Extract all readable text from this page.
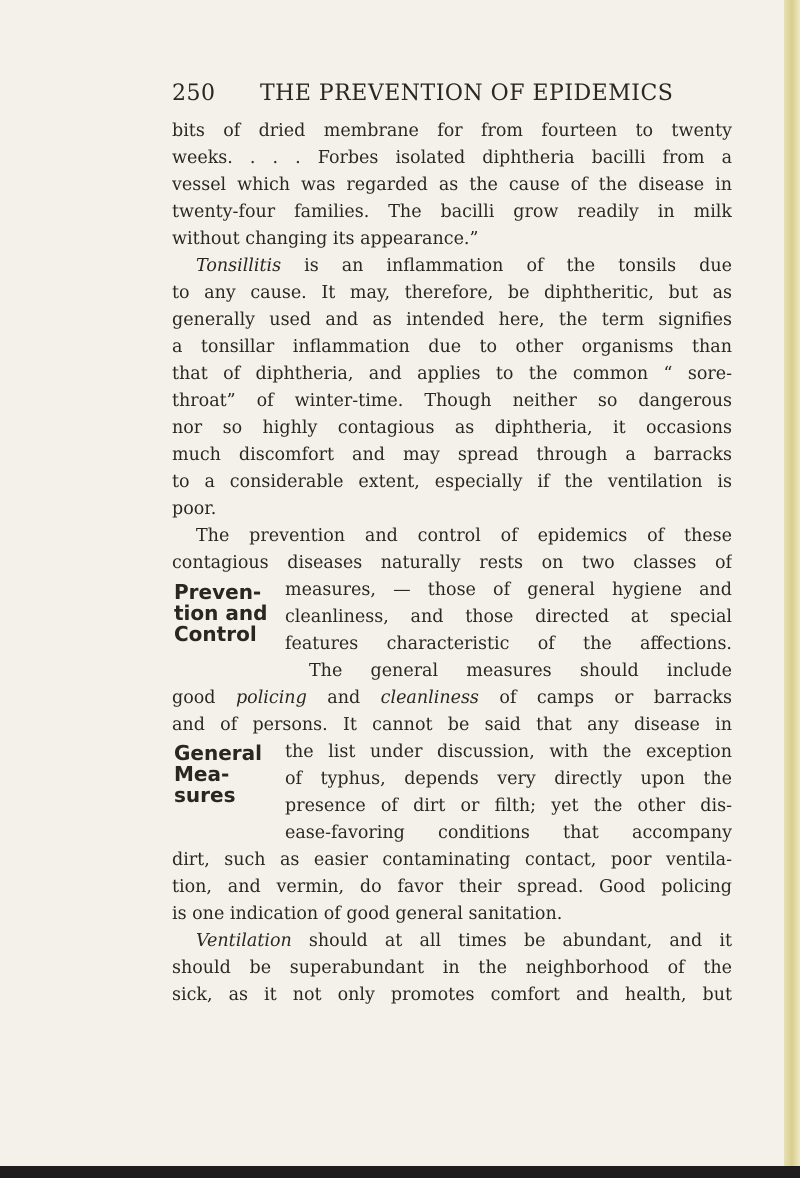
250 THE PREVENTION OF EPIDEMICS
bits of dried membrane for from fourteen to twenty
weeks. . . . Forbes isolated diphtheria bacilli from a
vessel which was regarded as the cause of the disease in
twenty-four families. The bacilli grow readily in milk
without changing its appearance.”
Tonsillitis is an inflammation of the tonsils due
to any cause. It may, therefore, be diphtheritic, but as
generally used and as intended here, the term signifies
a tonsillar inflammation due to other organisms than
that of diphtheria, and applies to the common “ sore-
throat” of winter-time. Though neither so dangerous
nor so highly contagious as diphtheria, it occasions
much discomfort and may spread through a barracks
to a considerable extent, especially if the ventilation is
poor.
The prevention and control of epidemics of these
contagious diseases naturally rests on two classes of
measures, — those of general hygiene and
cleanliness, and those directed at special
features characteristic of the affections.
The general measures should include
good policing and cleanliness of camps or barracks
and of persons. It cannot be said that any disease in
the list under discussion, with the exception
of typhus, depends very directly upon the
presence of dirt or filth; yet the other dis-
ease-favoring conditions that accompany
dirt, such as easier contaminating contact, poor ventila-
tion, and vermin, do favor their spread. Good policing
is one indication of good general sanitation.
Ventilation should at all times be abundant, and it
should be superabundant in the neighborhood of the
sick, as it not only promotes comfort and health, but
Preven-
tion and
Control
General
Mea-
sures
